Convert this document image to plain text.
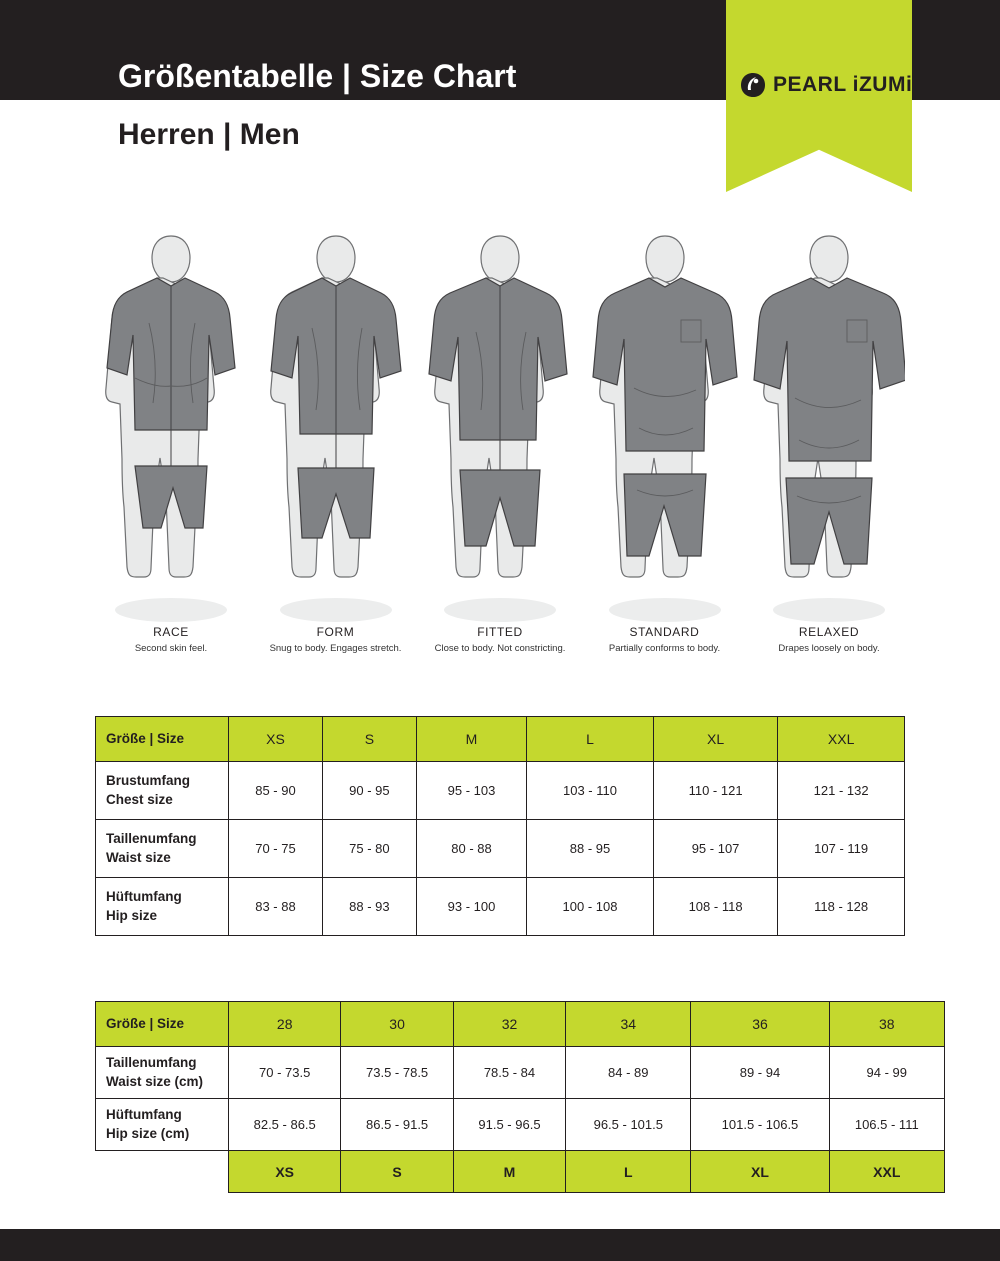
PEARL iZUMi
Größentabelle | Size Chart
Herren | Men
RACE
Second skin feel.
FORM
Snug to body. Engages stretch.
FITTED
Close to body. Not constricting.
STANDARD
Partially conforms to body.
RELAXED
Drapes loosely on body.
Größe | Size	XS	S	M	L	XL	XXL

Brustumfang
Chest size	85 - 90	90 - 95	95 - 103	103 - 110	110 - 121	121 - 132

Taillenumfang
Waist size	70 - 75	75 - 80	80 - 88	88 - 95	95 - 107	107 - 119

Hüftumfang
Hip size	83 - 88	88 - 93	93 - 100	100 - 108	108 - 118	118 - 128
Größe | Size	28	30	32	34	36	38

Taillenumfang
Waist size (cm)	70 - 73.5	73.5 - 78.5	78.5 - 84	84 - 89	89 - 94	94 - 99

Hüftumfang
Hip size (cm)	82.5 - 86.5	86.5 - 91.5	91.5 - 96.5	96.5 - 101.5	101.5 - 106.5	106.5 - 111
	XS	S	M	L	XL	XXL
